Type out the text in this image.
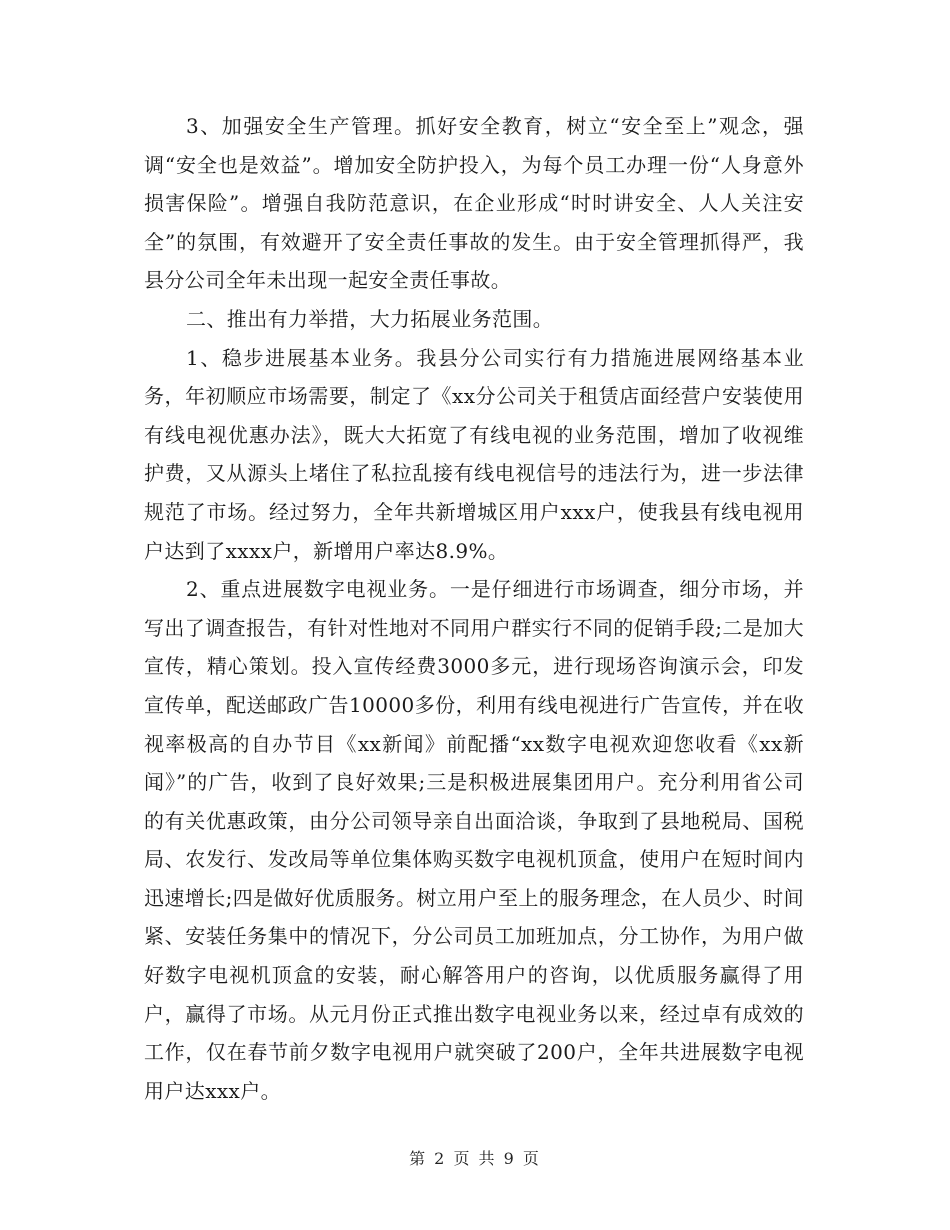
3、加强安全生产管理。抓好安全教育，树立“安全至上”观念，强调“安全也是效益”。增加安全防护投入，为每个员工办理一份“人身意外损害保险”。增强自我防范意识，在企业形成“时时讲安全、人人关注安全”的氛围，有效避开了安全责任事故的发生。由于安全管理抓得严，我县分公司全年未出现一起安全责任事故。

二、推出有力举措，大力拓展业务范围。

1、稳步进展基本业务。我县分公司实行有力措施进展网络基本业务，年初顺应市场需要，制定了《xx分公司关于租赁店面经营户安装使用有线电视优惠办法》，既大大拓宽了有线电视的业务范围，增加了收视维护费，又从源头上堵住了私拉乱接有线电视信号的违法行为，进一步法律规范了市场。经过努力，全年共新增城区用户xxx户，使我县有线电视用户达到了xxxx户，新增用户率达8.9%。

2、重点进展数字电视业务。一是仔细进行市场调查，细分市场，并写出了调查报告，有针对性地对不同用户群实行不同的促销手段;二是加大宣传，精心策划。投入宣传经费3000多元，进行现场咨询演示会，印发宣传单，配送邮政广告10000多份，利用有线电视进行广告宣传，并在收视率极高的自办节目《xx新闻》前配播“xx数字电视欢迎您收看《xx新闻》”的广告，收到了良好效果;三是积极进展集团用户。充分利用省公司的有关优惠政策，由分公司领导亲自出面洽谈，争取到了县地税局、国税局、农发行、发改局等单位集体购买数字电视机顶盒，使用户在短时间内迅速增长;四是做好优质服务。树立用户至上的服务理念，在人员少、时间紧、安装任务集中的情况下，分公司员工加班加点，分工协作，为用户做好数字电视机顶盒的安装，耐心解答用户的咨询，以优质服务赢得了用户，赢得了市场。从元月份正式推出数字电视业务以来，经过卓有成效的工作，仅在春节前夕数字电视用户就突破了200户，全年共进展数字电视用户达xxx户。

第 2 页 共 9 页
